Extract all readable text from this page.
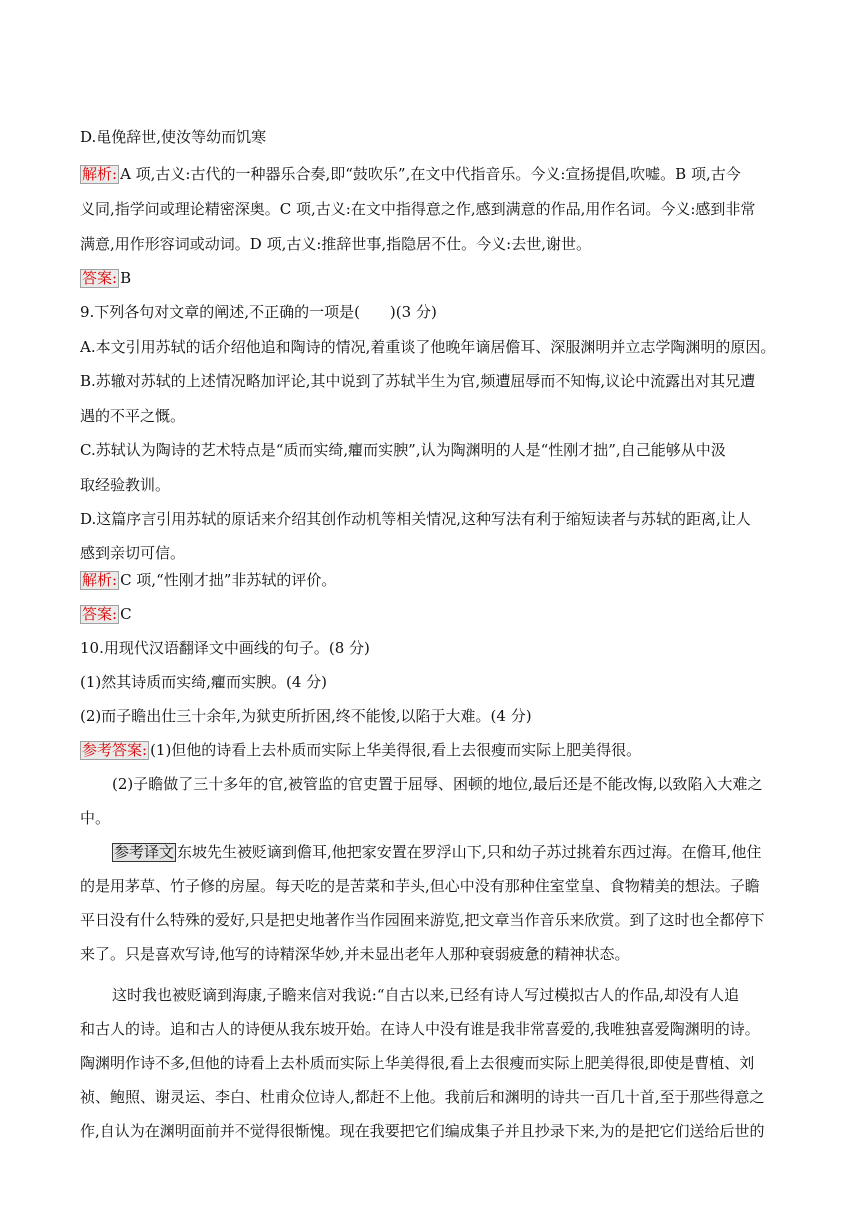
D.黾俛辞世,使汝等幼而饥寒
解析: A 项,古义:古代的一种器乐合奏,即“鼓吹乐”,在文中代指音乐。今义:宣扬提倡,吹嘘。B 项,古今
义同,指学问或理论精密深奥。C 项,古义:在文中指得意之作,感到满意的作品,用作名词。今义:感到非常
满意,用作形容词或动词。D 项,古义:推辞世事,指隐居不仕。今义:去世,谢世。
答案: B
9.下列各句对文章的阐述,不正确的一项是(　　)(3 分)
A.本文引用苏轼的话介绍他追和陶诗的情况,着重谈了他晚年谪居儋耳、深服渊明并立志学陶渊明的原因。
B.苏辙对苏轼的上述情况略加评论,其中说到了苏轼半生为官,频遭屈辱而不知悔,议论中流露出对其兄遭
遇的不平之慨。
C.苏轼认为陶诗的艺术特点是“质而实绮,癯而实腴”,认为陶渊明的人是“性刚才拙”,自己能够从中汲
取经验教训。
D.这篇序言引用苏轼的原话来介绍其创作动机等相关情况,这种写法有利于缩短读者与苏轼的距离,让人
感到亲切可信。
解析: C 项,“性刚才拙”非苏轼的评价。
答案: C
10.用现代汉语翻译文中画线的句子。(8 分)
(1)然其诗质而实绮,癯而实腴。(4 分)
(2)而子瞻出仕三十余年,为狱吏所折困,终不能悛,以陷于大难。(4 分)
参考答案: (1)但他的诗看上去朴质而实际上华美得很,看上去很瘦而实际上肥美得很。
(2)子瞻做了三十多年的官,被管监的官吏置于屈辱、困顿的地位,最后还是不能改悔,以致陷入大难之
中。
参考译文 东坡先生被贬谪到儋耳,他把家安置在罗浮山下,只和幼子苏过挑着东西过海。在儋耳,他住
的是用茅草、竹子修的房屋。每天吃的是苦菜和芋头,但心中没有那种住室堂皇、食物精美的想法。子瞻
平日没有什么特殊的爱好,只是把史地著作当作园囿来游览,把文章当作音乐来欣赏。到了这时也全都停下
来了。只是喜欢写诗,他写的诗精深华妙,并未显出老年人那种衰弱疲惫的精神状态。
这时我也被贬谪到海康,子瞻来信对我说:“自古以来,已经有诗人写过模拟古人的作品,却没有人追
和古人的诗。追和古人的诗便从我东坡开始。在诗人中没有谁是我非常喜爱的,我唯独喜爱陶渊明的诗。
陶渊明作诗不多,但他的诗看上去朴质而实际上华美得很,看上去很瘦而实际上肥美得很,即使是曹植、刘
祯、鲍照、谢灵运、李白、杜甫众位诗人,都赶不上他。我前后和渊明的诗共一百几十首,至于那些得意之
作,自认为在渊明面前并不觉得很惭愧。现在我要把它们编成集子并且抄录下来,为的是把它们送给后世的
